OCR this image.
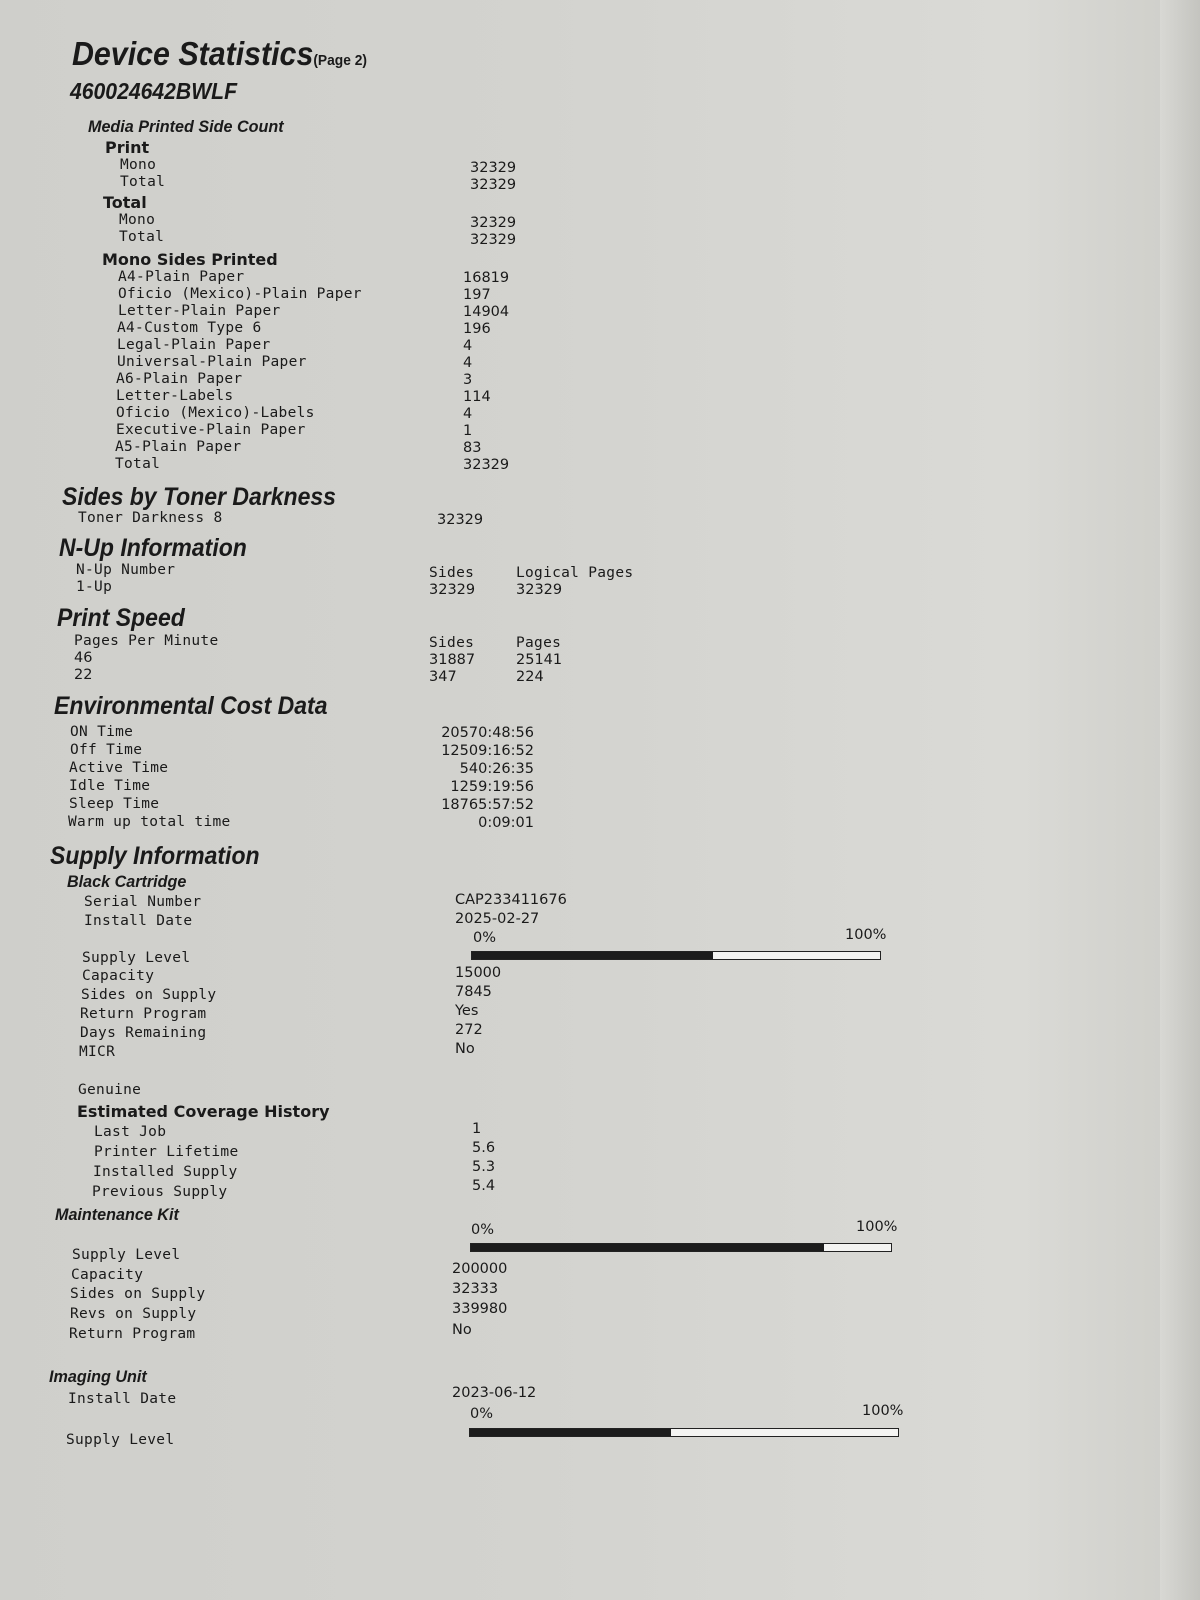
Device Statistics(Page 2)
460024642BWLF
Media Printed Side Count
Print
Mono	32329
Total	32329
Total
Mono	32329
Total	32329
Mono Sides Printed
A4-Plain Paper	16819
Oficio (Mexico)-Plain Paper	197
Letter-Plain Paper	14904
A4-Custom Type 6	196
Legal-Plain Paper	4
Universal-Plain Paper	4
A6-Plain Paper	3
Letter-Labels	114
Oficio (Mexico)-Labels	4
Executive-Plain Paper	1
A5-Plain Paper	83
Total	32329
Sides by Toner Darkness
Toner Darkness 8	32329
N-Up Information
N-Up Number	Sides	Logical Pages
1-Up	32329	32329
Print Speed
Pages Per Minute	Sides	Pages
46	31887	25141
22	347	224
Environmental Cost Data
ON Time	20570:48:56
Off Time	12509:16:52
Active Time	540:26:35
Idle Time	1259:19:56
Sleep Time	18765:57:52
Warm up total time	0:09:01
Supply Information
Black Cartridge
Serial Number	CAP233411676
Install Date	2025-02-27
0%	100%
Supply Level
Capacity	15000
Sides on Supply	7845
Return Program	Yes
Days Remaining	272
MICR	No
Genuine
Estimated Coverage History
Last Job	1
Printer Lifetime	5.6
Installed Supply	5.3
Previous Supply	5.4
Maintenance Kit
0%	100%
Supply Level
Capacity	200000
Sides on Supply	32333
Revs on Supply	339980
Return Program	No
Imaging Unit
Install Date	2023-06-12
0%	100%
Supply Level
